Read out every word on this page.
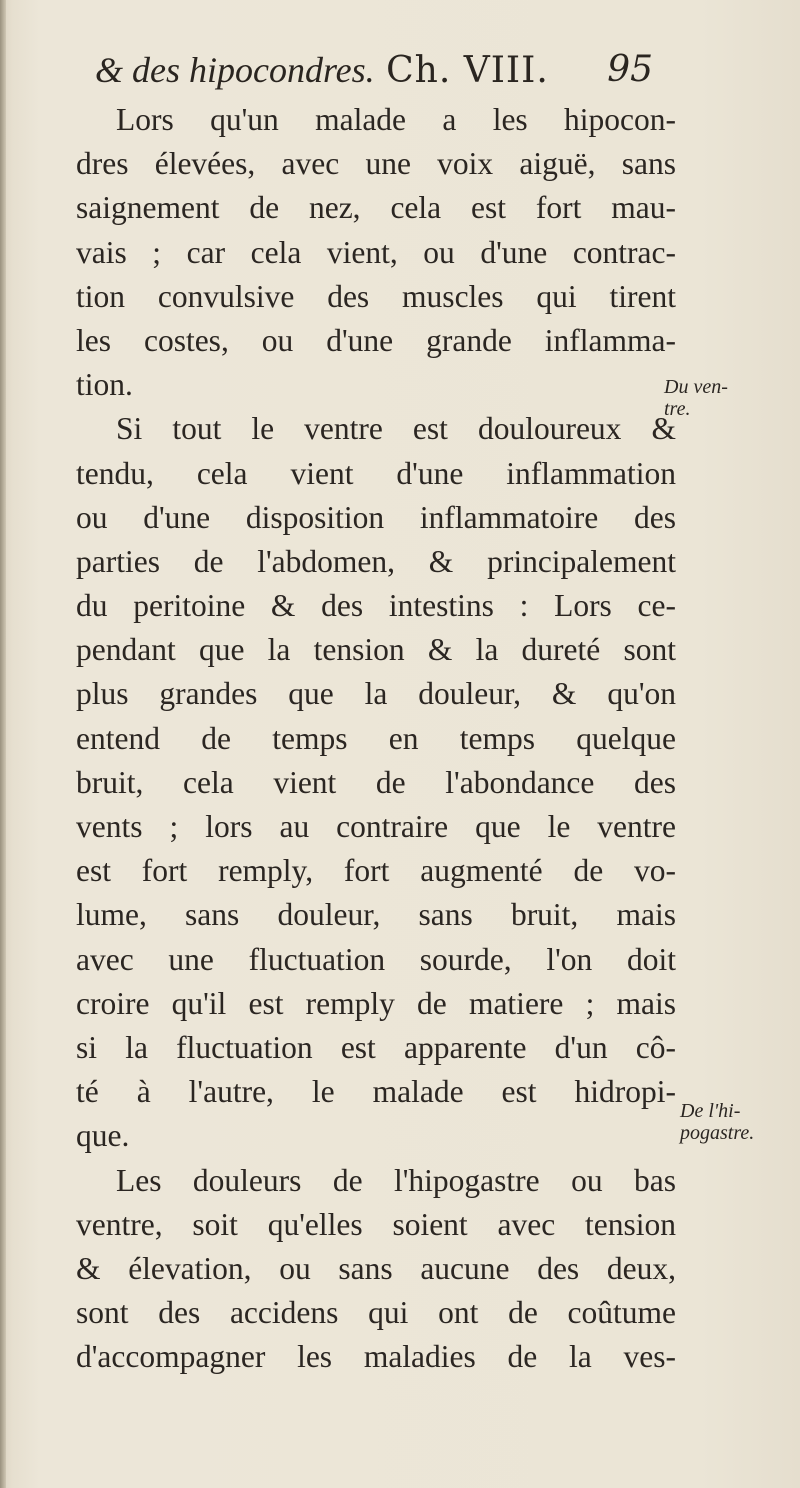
& des hipocondres. Ch. VIII. 95
Lors qu'un malade a les hipocon-
dres élevées, avec une voix aiguë, sans
saignement de nez, cela est fort mau-
vais ; car cela vient, ou d'une contrac-
tion convulsive des muscles qui tirent
les costes, ou d'une grande inflamma-
tion.
Si tout le ventre est douloureux &
tendu, cela vient d'une inflammation
ou d'une disposition inflammatoire des
parties de l'abdomen, & principalement
du peritoine & des intestins : Lors ce-
pendant que la tension & la dureté sont
plus grandes que la douleur, & qu'on
entend de temps en temps quelque
bruit, cela vient de l'abondance des
vents ; lors au contraire que le ventre
est fort remply, fort augmenté de vo-
lume, sans douleur, sans bruit, mais
avec une fluctuation sourde, l'on doit
croire qu'il est remply de matiere ; mais
si la fluctuation est apparente d'un cô-
té à l'autre, le malade est hidropi-
que.
Les douleurs de l'hipogastre ou bas
ventre, soit qu'elles soient avec tension
& élevation, ou sans aucune des deux,
sont des accidens qui ont de coûtume
d'accompagner les maladies de la ves-
Du ven-
tre.
De l'hi-
pogastre.
